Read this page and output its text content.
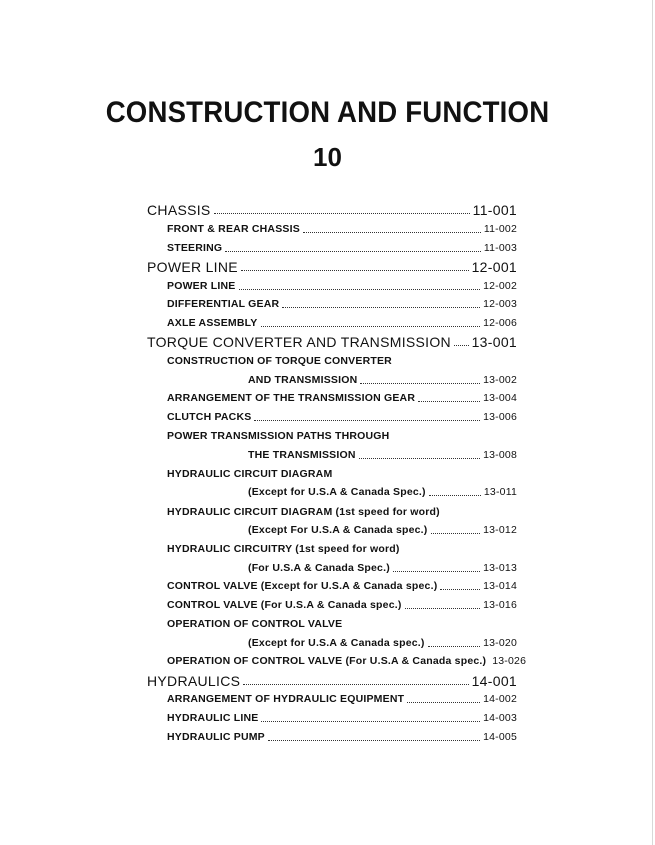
CONSTRUCTION AND FUNCTION
10
CHASSIS	11-001
FRONT & REAR CHASSIS	11-002
STEERING	11-003
POWER LINE	12-001
POWER LINE	12-002
DIFFERENTIAL GEAR	12-003
AXLE ASSEMBLY	12-006
TORQUE CONVERTER AND TRANSMISSION 13-001
CONSTRUCTION OF TORQUE CONVERTER
AND TRANSMISSION	13-002
ARRANGEMENT OF THE TRANSMISSION GEAR	13-004
CLUTCH PACKS	13-006
POWER TRANSMISSION PATHS THROUGH
THE TRANSMISSION	13-008
HYDRAULIC CIRCUIT DIAGRAM
(Except for U.S.A & Canada Spec.)	13-011
HYDRAULIC CIRCUIT DIAGRAM (1st speed for word)
(Except For U.S.A & Canada spec.)	13-012
HYDRAULIC CIRCUITRY (1st speed for word)
(For U.S.A & Canada Spec.)	13-013
CONTROL VALVE (Except for U.S.A & Canada spec.)	13-014
CONTROL VALVE (For U.S.A & Canada spec.)	13-016
OPERATION OF CONTROL VALVE
(Except for U.S.A & Canada spec.)	13-020
OPERATION OF CONTROL VALVE (For U.S.A & Canada spec.) 13-026
HYDRAULICS	14-001
ARRANGEMENT OF HYDRAULIC EQUIPMENT	14-002
HYDRAULIC LINE	14-003
HYDRAULIC PUMP	14-005
